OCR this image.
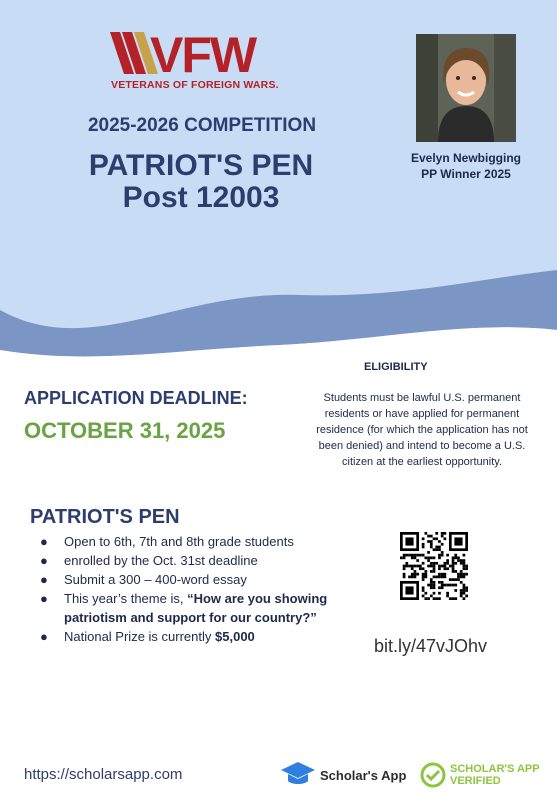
VFW
VETERANS OF FOREIGN WARS.
2025-2026 COMPETITION
PATRIOT'S PEN
Post 12003
Evelyn Newbigging
PP Winner 2025
APPLICATION DEADLINE:
OCTOBER 31, 2025
ELIGIBILITY
Students must be lawful U.S. permanent residents or have applied for permanent residence (for which the application has not been denied) and intend to become a U.S. citizen at the earliest opportunity.
PATRIOT'S PEN
● Open to 6th, 7th and 8th grade students
● enrolled by the Oct. 31st deadline
● Submit a 300 – 400-word essay
● This year’s theme is, “How are you showing patriotism and support for our country?”
● National Prize is currently $5,000	bit.ly/47vJOhv
https://scholarsapp.com	Scholar's App	SCHOLAR'S APP
VERIFIED
